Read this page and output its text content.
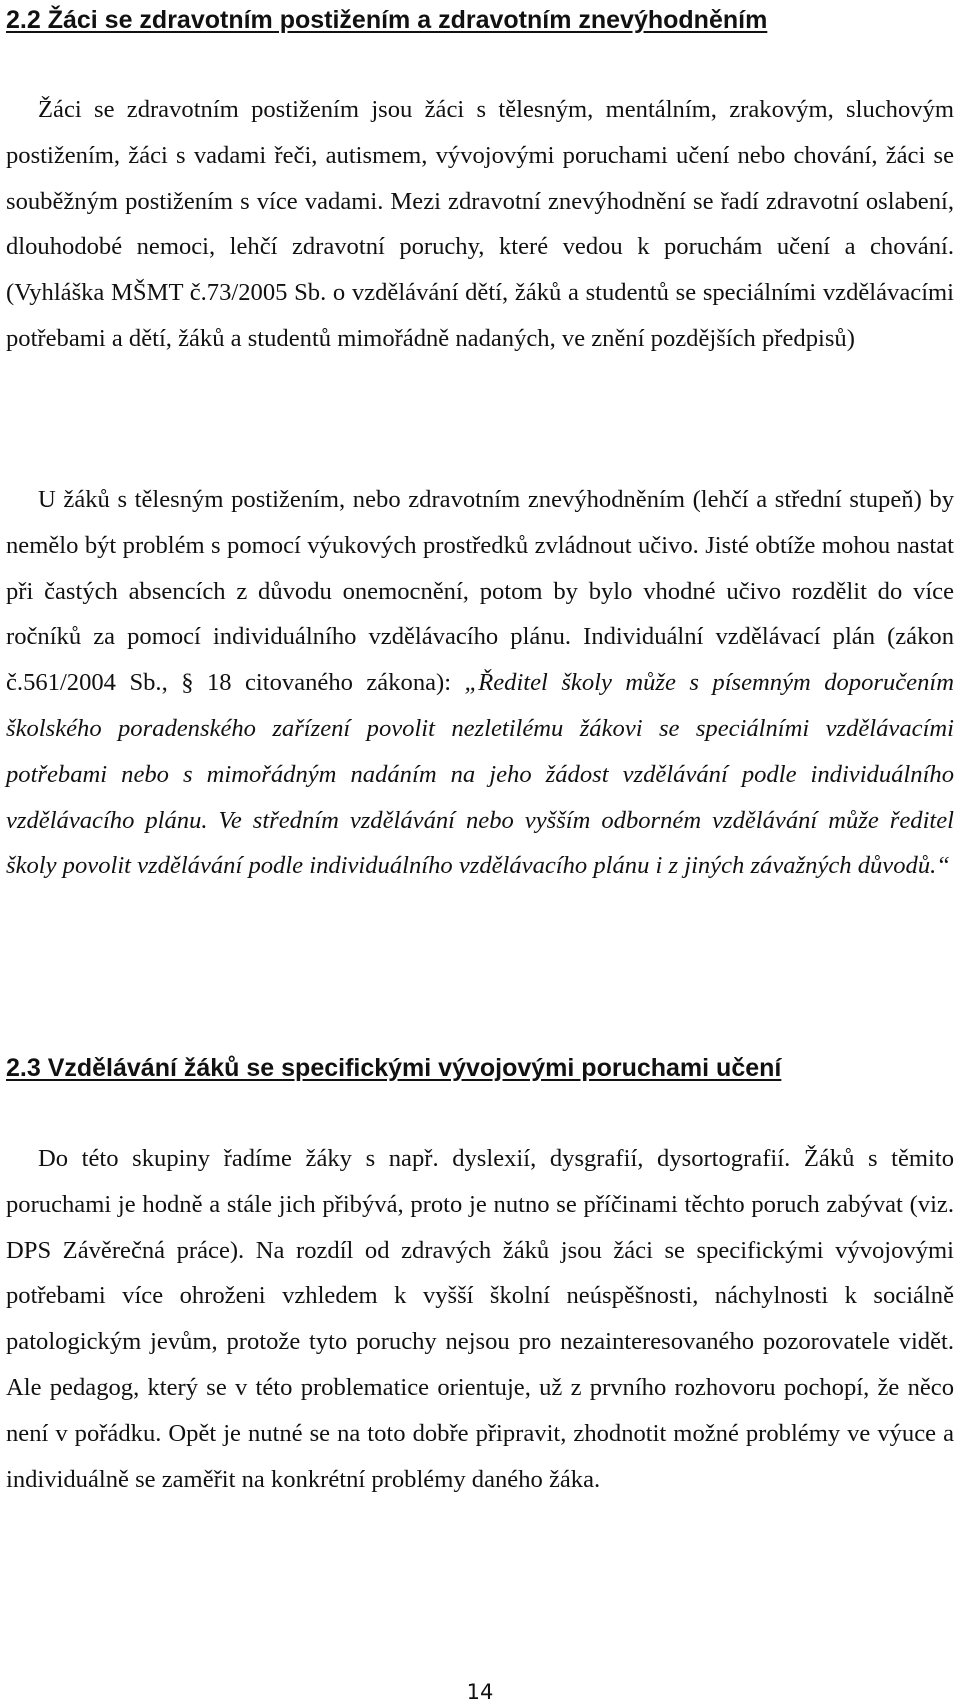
2.2 Žáci se zdravotním postižením a zdravotním znevýhodněním

Žáci se zdravotním postižením jsou žáci s tělesným, mentálním, zrakovým, sluchovým postižením, žáci s vadami řeči, autismem, vývojovými poruchami učení nebo chování, žáci se souběžným postižením s více vadami. Mezi zdravotní znevýhodnění se řadí zdravotní oslabení, dlouhodobé nemoci, lehčí zdravotní poruchy, které vedou k poruchám učení a chování. (Vyhláška MŠMT č.73/2005 Sb. o vzdělávání dětí, žáků a studentů se speciálními vzdělávacími potřebami a dětí, žáků a studentů mimořádně nadaných, ve znění pozdějších předpisů)

U žáků s tělesným postižením, nebo zdravotním znevýhodněním (lehčí a střední stupeň) by nemělo být problém s pomocí výukových prostředků zvládnout učivo. Jisté obtíže mohou nastat při častých absencích z důvodu onemocnění, potom by bylo vhodné učivo rozdělit do více ročníků za pomocí individuálního vzdělávacího plánu. Individuální vzdělávací plán (zákon č.561/2004 Sb., § 18 citovaného zákona): „Ředitel školy může s písemným doporučením školského poradenského zařízení povolit nezletilému žákovi se speciálními vzdělávacími potřebami nebo s mimořádným nadáním na jeho žádost vzdělávání podle individuálního vzdělávacího plánu. Ve středním vzdělávání nebo vyšším odborném vzdělávání může ředitel školy povolit vzdělávání podle individuálního vzdělávacího plánu i z jiných závažných důvodů.“

2.3 Vzdělávání žáků se specifickými vývojovými poruchami učení

Do této skupiny řadíme žáky s např. dyslexií, dysgrafií, dysortografií. Žáků s těmito poruchami je hodně a stále jich přibývá, proto je nutno se příčinami těchto poruch zabývat (viz. DPS Závěrečná práce). Na rozdíl od zdravých žáků jsou žáci se specifickými vývojovými potřebami více ohroženi vzhledem k vyšší školní neúspěšnosti, náchylnosti k sociálně patologickým jevům, protože tyto poruchy nejsou pro nezainteresovaného pozorovatele vidět. Ale pedagog, který se v této problematice orientuje, už z prvního rozhovoru pochopí, že něco není v pořádku. Opět je nutné se na toto dobře připravit, zhodnotit možné problémy ve výuce a individuálně se zaměřit na konkrétní problémy daného žáka.

14
